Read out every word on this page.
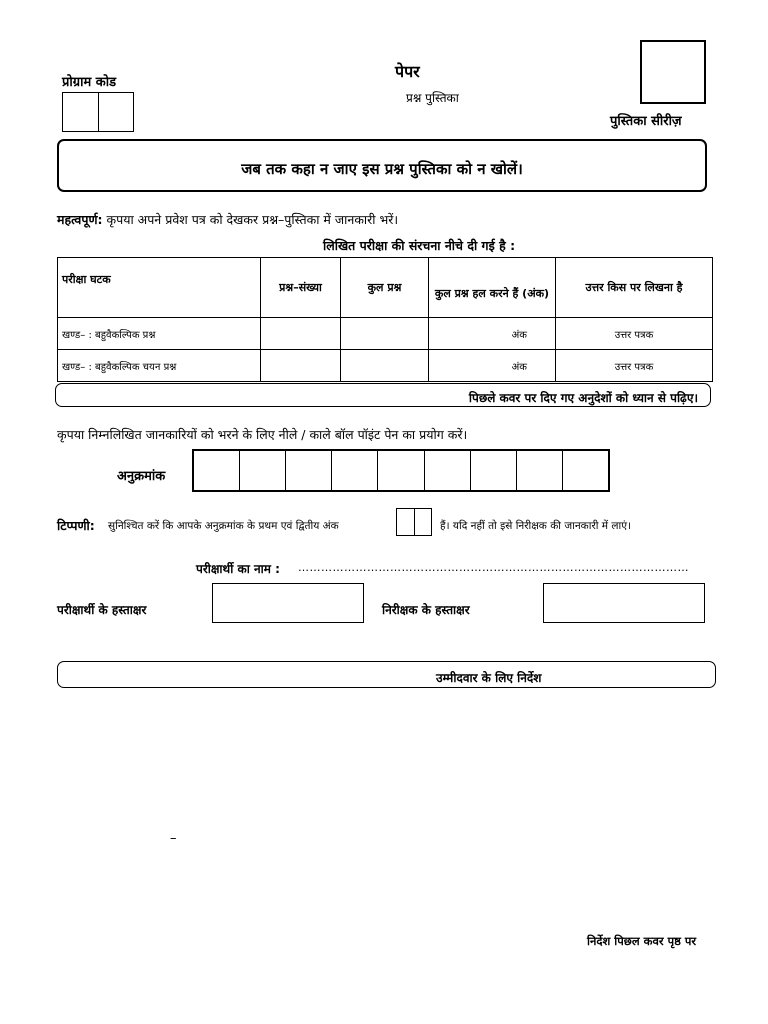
प्रोग्राम कोड
पेपर
प्रश्न पुस्तिका
पुस्तिका सीरीज़
जब तक कहा न जाए इस प्रश्न पुस्तिका को न खोलें।
महत्वपूर्ण: कृपया अपने प्रवेश पत्र को देखकर प्रश्न–पुस्तिका में जानकारी भरें।
लिखित परीक्षा की संरचना नीचे दी गई है :
परीक्षा घटक	प्रश्न–संख्या	कुल प्रश्न	कुल प्रश्न हल करने हैं (अंक)	उत्तर किस पर लिखना है
खण्ड– : बहुवैकल्पिक प्रश्न			अंक	उत्तर पत्रक
खण्ड– : बहुवैकल्पिक चयन प्रश्न			अंक	उत्तर पत्रक
पिछले कवर पर दिए गए अनुदेशों को ध्यान से पढ़िए।
कृपया निम्नलिखित जानकारियों को भरने के लिए नीले / काले बॉल पॉइंट पेन का प्रयोग करें।
अनुक्रमांक
टिप्पणी: सुनिश्चित करें कि आपके अनुक्रमांक के प्रथम एवं द्वितीय अंक	हैं। यदि नहीं तो इसे निरीक्षक की जानकारी में लाएं।
परीक्षार्थी का नाम : …………………………………………………………………………………………
परीक्षार्थी के हस्ताक्षर	निरीक्षक के हस्ताक्षर
उम्मीदवार के लिए निर्देश
–
निर्देश पिछल कवर पृष्ठ पर
